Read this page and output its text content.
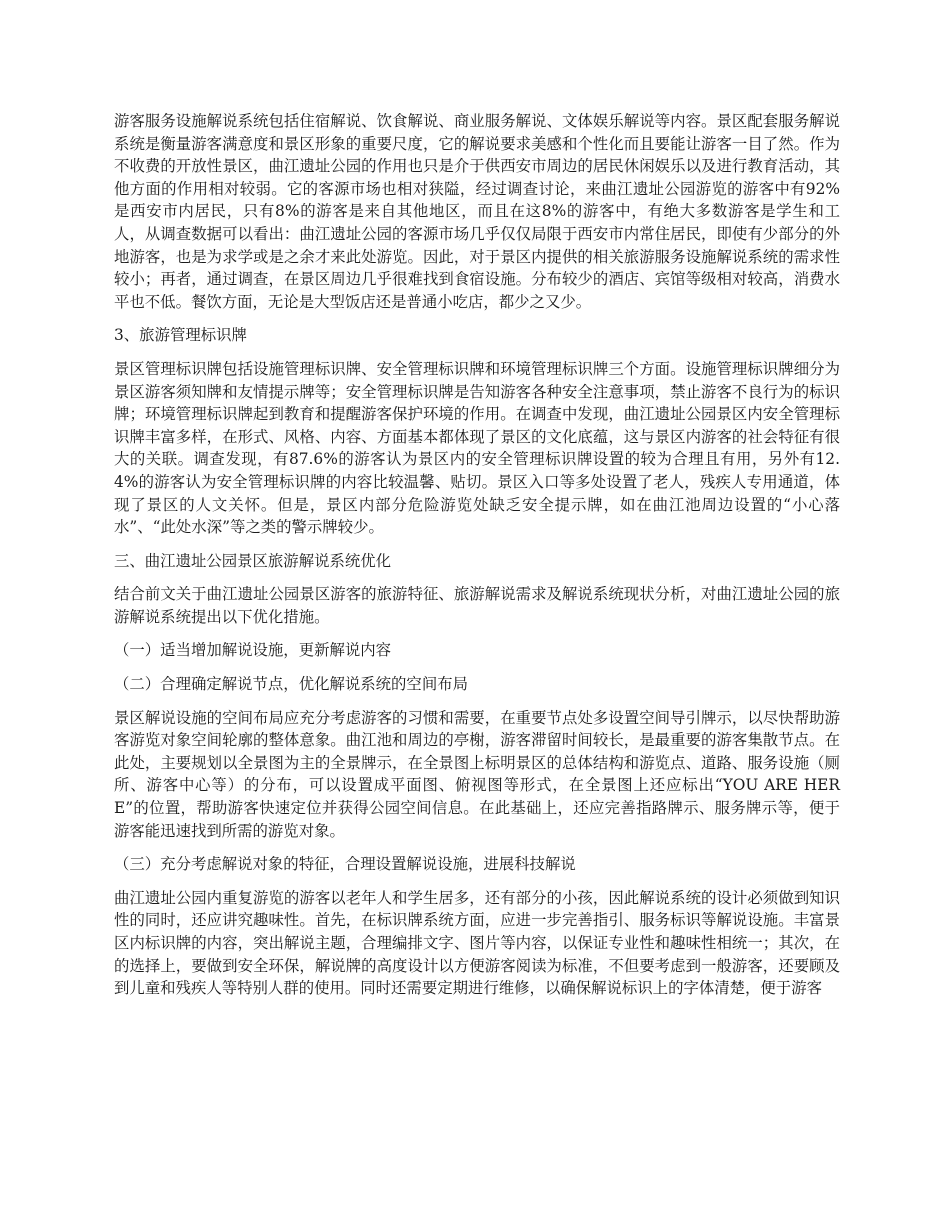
游客服务设施解说系统包括住宿解说、饮食解说、商业服务解说、文体娱乐解说等内容。景区配套服务解说系统是衡量游客满意度和景区形象的重要尺度，它的解说要求美感和个性化而且要能让游客一目了然。作为不收费的开放性景区，曲江遗址公园的作用也只是介于供西安市周边的居民休闲娱乐以及进行教育活动，其他方面的作用相对较弱。它的客源市场也相对狭隘，经过调查讨论，来曲江遗址公园游览的游客中有92%是西安市内居民，只有8%的游客是来自其他地区，而且在这8%的游客中，有绝大多数游客是学生和工人，从调查数据可以看出：曲江遗址公园的客源市场几乎仅仅局限于西安市内常住居民，即使有少部分的外地游客，也是为求学或是之余才来此处游览。因此，对于景区内提供的相关旅游服务设施解说系统的需求性较小；再者，通过调查，在景区周边几乎很难找到食宿设施。分布较少的酒店、宾馆等级相对较高，消费水平也不低。餐饮方面，无论是大型饭店还是普通小吃店，都少之又少。

3、旅游管理标识牌

景区管理标识牌包括设施管理标识牌、安全管理标识牌和环境管理标识牌三个方面。设施管理标识牌细分为景区游客须知牌和友情提示牌等；安全管理标识牌是告知游客各种安全注意事项，禁止游客不良行为的标识牌；环境管理标识牌起到教育和提醒游客保护环境的作用。在调查中发现，曲江遗址公园景区内安全管理标识牌丰富多样，在形式、风格、内容、方面基本都体现了景区的文化底蕴，这与景区内游客的社会特征有很大的关联。调查发现，有87.6%的游客认为景区内的安全管理标识牌设置的较为合理且有用，另外有12.4%的游客认为安全管理标识牌的内容比较温馨、贴切。景区入口等多处设置了老人，残疾人专用通道，体现了景区的人文关怀。但是，景区内部分危险游览处缺乏安全提示牌，如在曲江池周边设置的“小心落水”、“此处水深”等之类的警示牌较少。

三、曲江遗址公园景区旅游解说系统优化

结合前文关于曲江遗址公园景区游客的旅游特征、旅游解说需求及解说系统现状分析，对曲江遗址公园的旅游解说系统提出以下优化措施。

（一）适当增加解说设施，更新解说内容

（二）合理确定解说节点，优化解说系统的空间布局

景区解说设施的空间布局应充分考虑游客的习惯和需要，在重要节点处多设置空间导引牌示，以尽快帮助游客游览对象空间轮廓的整体意象。曲江池和周边的亭榭，游客滞留时间较长，是最重要的游客集散节点。在此处，主要规划以全景图为主的全景牌示，在全景图上标明景区的总体结构和游览点、道路、服务设施（厕所、游客中心等）的分布，可以设置成平面图、俯视图等形式，在全景图上还应标出“YOU ARE HERE”的位置，帮助游客快速定位并获得公园空间信息。在此基础上，还应完善指路牌示、服务牌示等，便于游客能迅速找到所需的游览对象。

（三）充分考虑解说对象的特征，合理设置解说设施，进展科技解说

曲江遗址公园内重复游览的游客以老年人和学生居多，还有部分的小孩，因此解说系统的设计必须做到知识性的同时，还应讲究趣味性。首先，在标识牌系统方面，应进一步完善指引、服务标识等解说设施。丰富景区内标识牌的内容，突出解说主题，合理编排文字、图片等内容，以保证专业性和趣味性相统一；其次，在的选择上，要做到安全环保，解说牌的高度设计以方便游客阅读为标准，不但要考虑到一般游客，还要顾及到儿童和残疾人等特别人群的使用。同时还需要定期进行维修，以确保解说标识上的字体清楚，便于游客
